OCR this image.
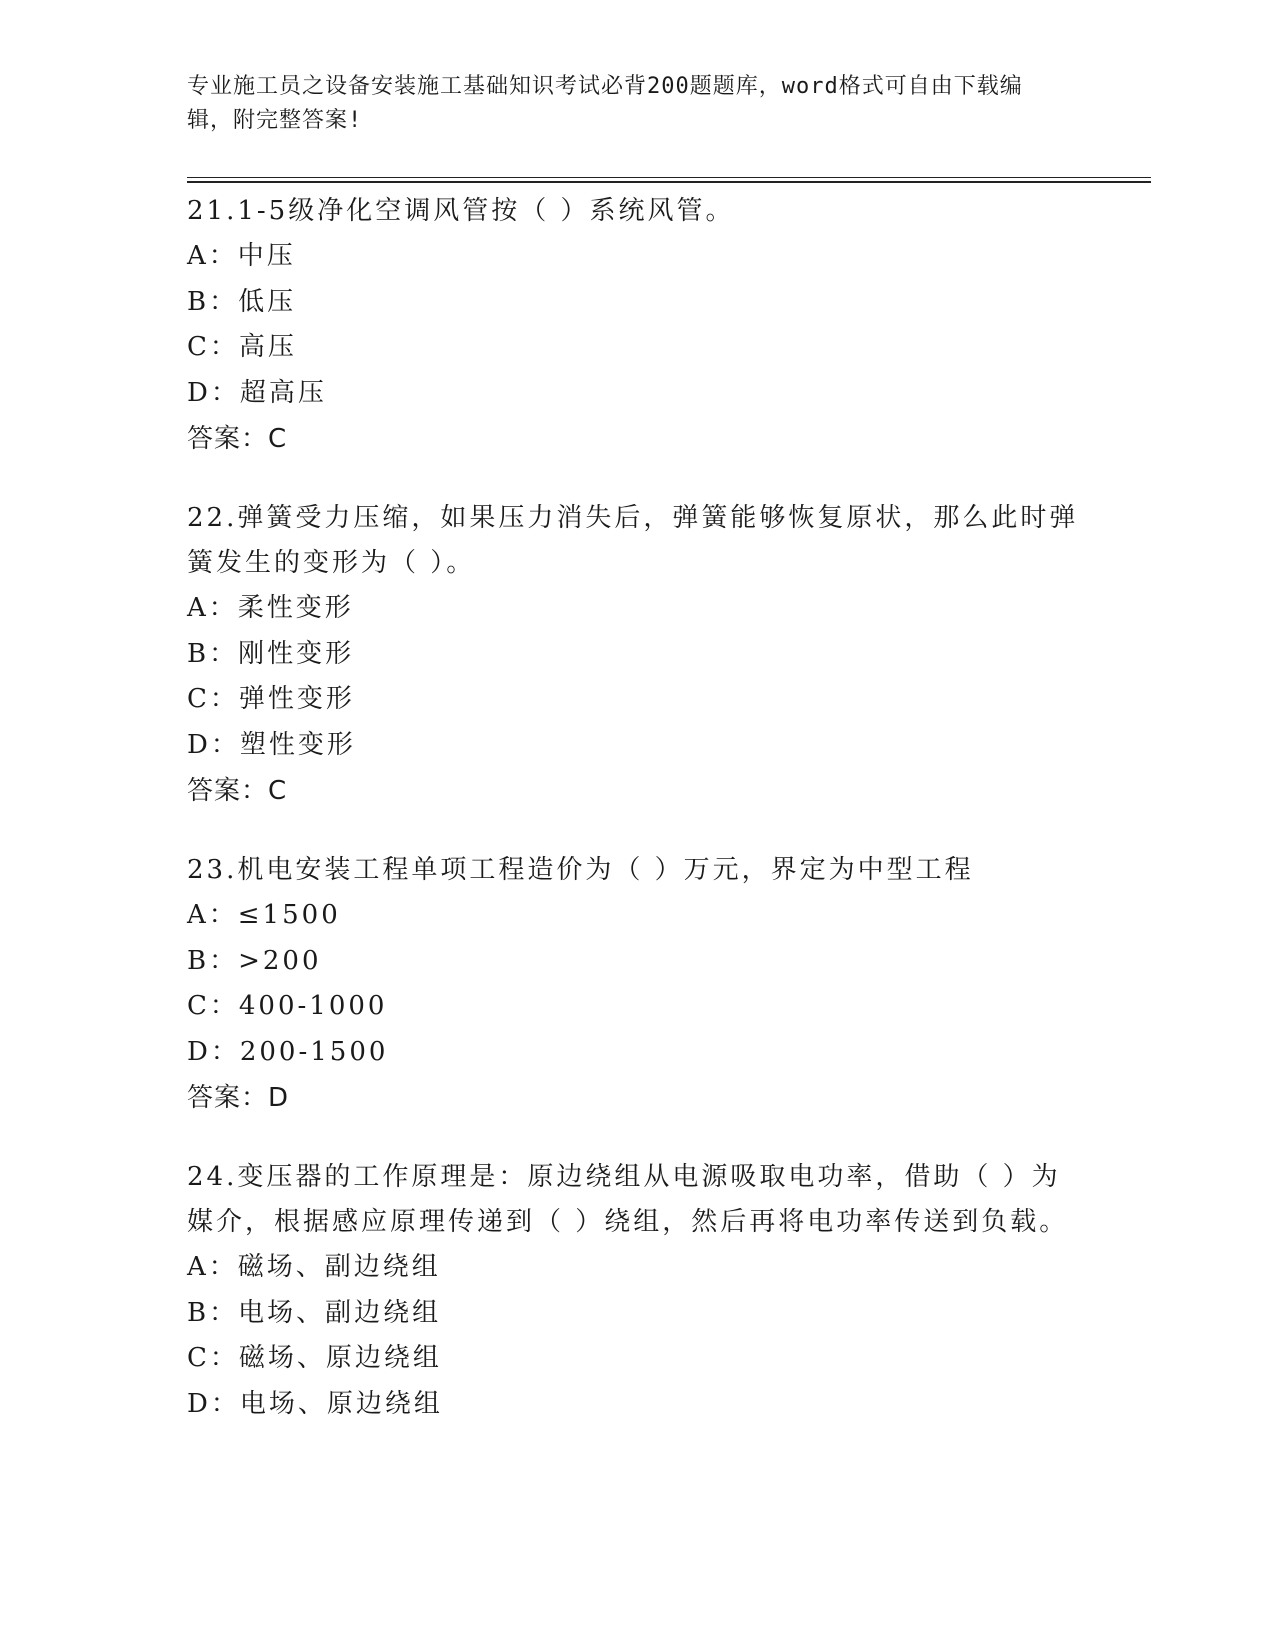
专业施工员之设备安装施工基础知识考试必背200题题库，word格式可自由下载编辑，附完整答案!

21.1-5级净化空调风管按（ ）系统风管。

A：中压

B：低压

C：高压

D：超高压

答案：C

22.弹簧受力压缩，如果压力消失后，弹簧能够恢复原状，那么此时弹簧发生的变形为（ ）。

A：柔性变形

B：刚性变形

C：弹性变形

D：塑性变形

答案：C

23.机电安装工程单项工程造价为（ ）万元，界定为中型工程

A：≤1500

B：>200

C：400-1000

D：200-1500

答案：D

24.变压器的工作原理是：原边绕组从电源吸取电功率，借助（ ）为媒介，根据感应原理传递到（ ）绕组，然后再将电功率传送到负载。

A：磁场、副边绕组

B：电场、副边绕组

C：磁场、原边绕组

D：电场、原边绕组
